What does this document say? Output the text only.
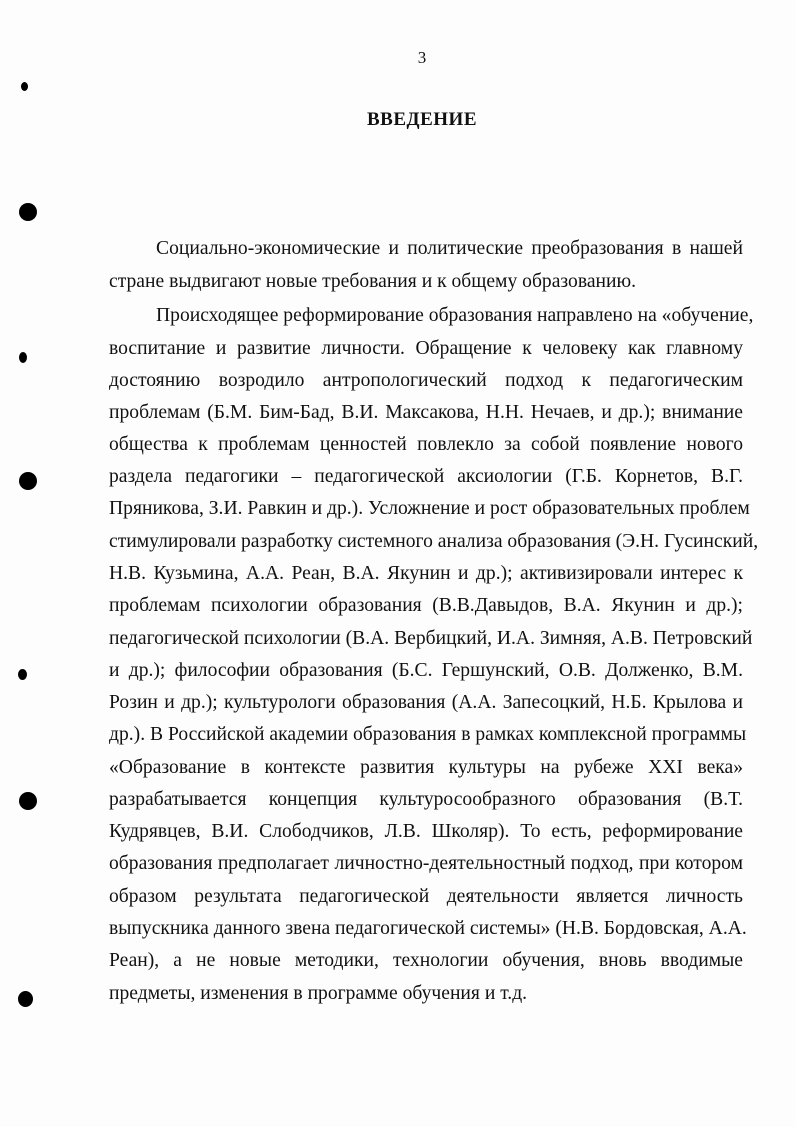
3
ВВЕДЕНИЕ
Социально-экономические и политические преобразования в нашей
стране выдвигают новые требования и к общему образованию.
Происходящее реформирование образования направлено на «обучение,
воспитание и развитие личности. Обращение к человеку как главному
достоянию возродило антропологический подход к педагогическим
проблемам (Б.М. Бим-Бад, В.И. Максакова, Н.Н. Нечаев, и др.); внимание
общества к проблемам ценностей повлекло за собой появление нового
раздела педагогики – педагогической аксиологии (Г.Б. Корнетов, В.Г.
Пряникова, З.И. Равкин и др.). Усложнение и рост образовательных проблем
стимулировали разработку системного анализа образования (Э.Н. Гусинский,
Н.В. Кузьмина, А.А. Реан, В.А. Якунин и др.); активизировали интерес к
проблемам психологии образования (В.В.Давыдов, В.А. Якунин и др.);
педагогической психологии (В.А. Вербицкий, И.А. Зимняя, А.В. Петровский
и др.); философии образования (Б.С. Гершунский, О.В. Долженко, В.М.
Розин и др.); культурологи образования (А.А. Запесоцкий, Н.Б. Крылова и
др.). В Российской академии образования в рамках комплексной программы
«Образование в контексте развития культуры на рубеже XXI века»
разрабатывается концепция культуросообразного образования (В.Т.
Кудрявцев, В.И. Слободчиков, Л.В. Школяр). То есть, реформирование
образования предполагает личностно-деятельностный подход, при котором
образом результата педагогической деятельности является личность
выпускника данного звена педагогической системы» (Н.В. Бордовская, А.А.
Реан), а не новые методики, технологии обучения, вновь вводимые
предметы, изменения в программе обучения и т.д.
